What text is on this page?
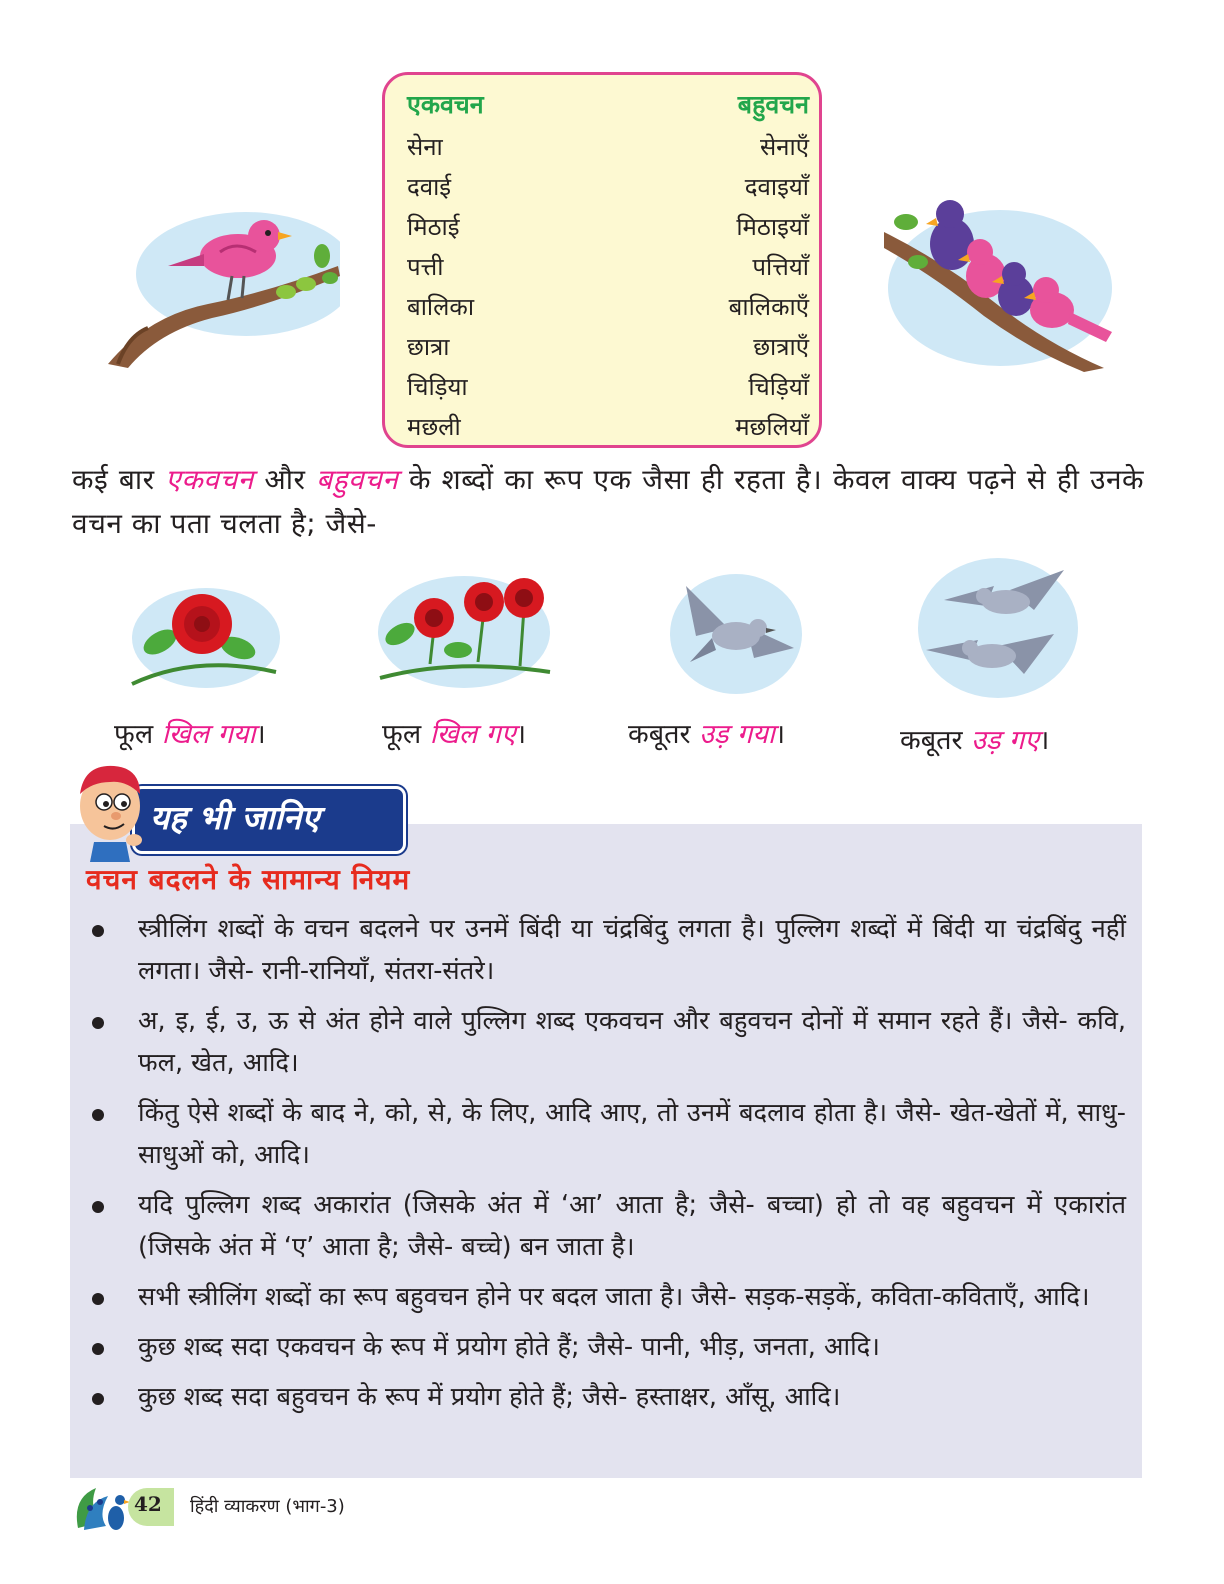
एकवचन	बहुवचन
सेना	सेनाएँ
दवाई	दवाइयाँ
मिठाई	मिठाइयाँ
पत्ती	पत्तियाँ
बालिका	बालिकाएँ
छात्रा	छात्राएँ
चिड़िया	चिड़ियाँ
मछली	मछलियाँ
कई बार एकवचन और बहुवचन के शब्दों का रूप एक जैसा ही रहता है। केवल वाक्य पढ़ने से ही उनके वचन का पता चलता है; जैसे-
फूल खिल गया।	फूल खिल गए।	कबूतर उड़ गया।	कबूतर उड़ गए।
यह भी जानिए
वचन बदलने के सामान्य नियम
स्त्रीलिंग शब्दों के वचन बदलने पर उनमें बिंदी या चंद्रबिंदु लगता है। पुल्लिग शब्दों में बिंदी या चंद्रबिंदु नहीं लगता। जैसे- रानी-रानियाँ, संतरा-संतरे।
अ, इ, ई, उ, ऊ से अंत होने वाले पुल्लिग शब्द एकवचन और बहुवचन दोनों में समान रहते हैं। जैसे- कवि, फल, खेत, आदि।
किंतु ऐसे शब्दों के बाद ने, को, से, के लिए, आदि आए, तो उनमें बदलाव होता है। जैसे- खेत-खेतों में, साधु-साधुओं को, आदि।
यदि पुल्लिग शब्द अकारांत (जिसके अंत में ‘आ’ आता है; जैसे- बच्चा) हो तो वह बहुवचन में एकारांत (जिसके अंत में ‘ए’ आता है; जैसे- बच्चे) बन जाता है।
सभी स्त्रीलिंग शब्दों का रूप बहुवचन होने पर बदल जाता है। जैसे- सड़क-सड़कें, कविता-कविताएँ, आदि।
कुछ शब्द सदा एकवचन के रूप में प्रयोग होते हैं; जैसे- पानी, भीड़, जनता, आदि।
कुछ शब्द सदा बहुवचन के रूप में प्रयोग होते हैं; जैसे- हस्ताक्षर, आँसू, आदि।
42 हिंदी व्याकरण (भाग-3)
